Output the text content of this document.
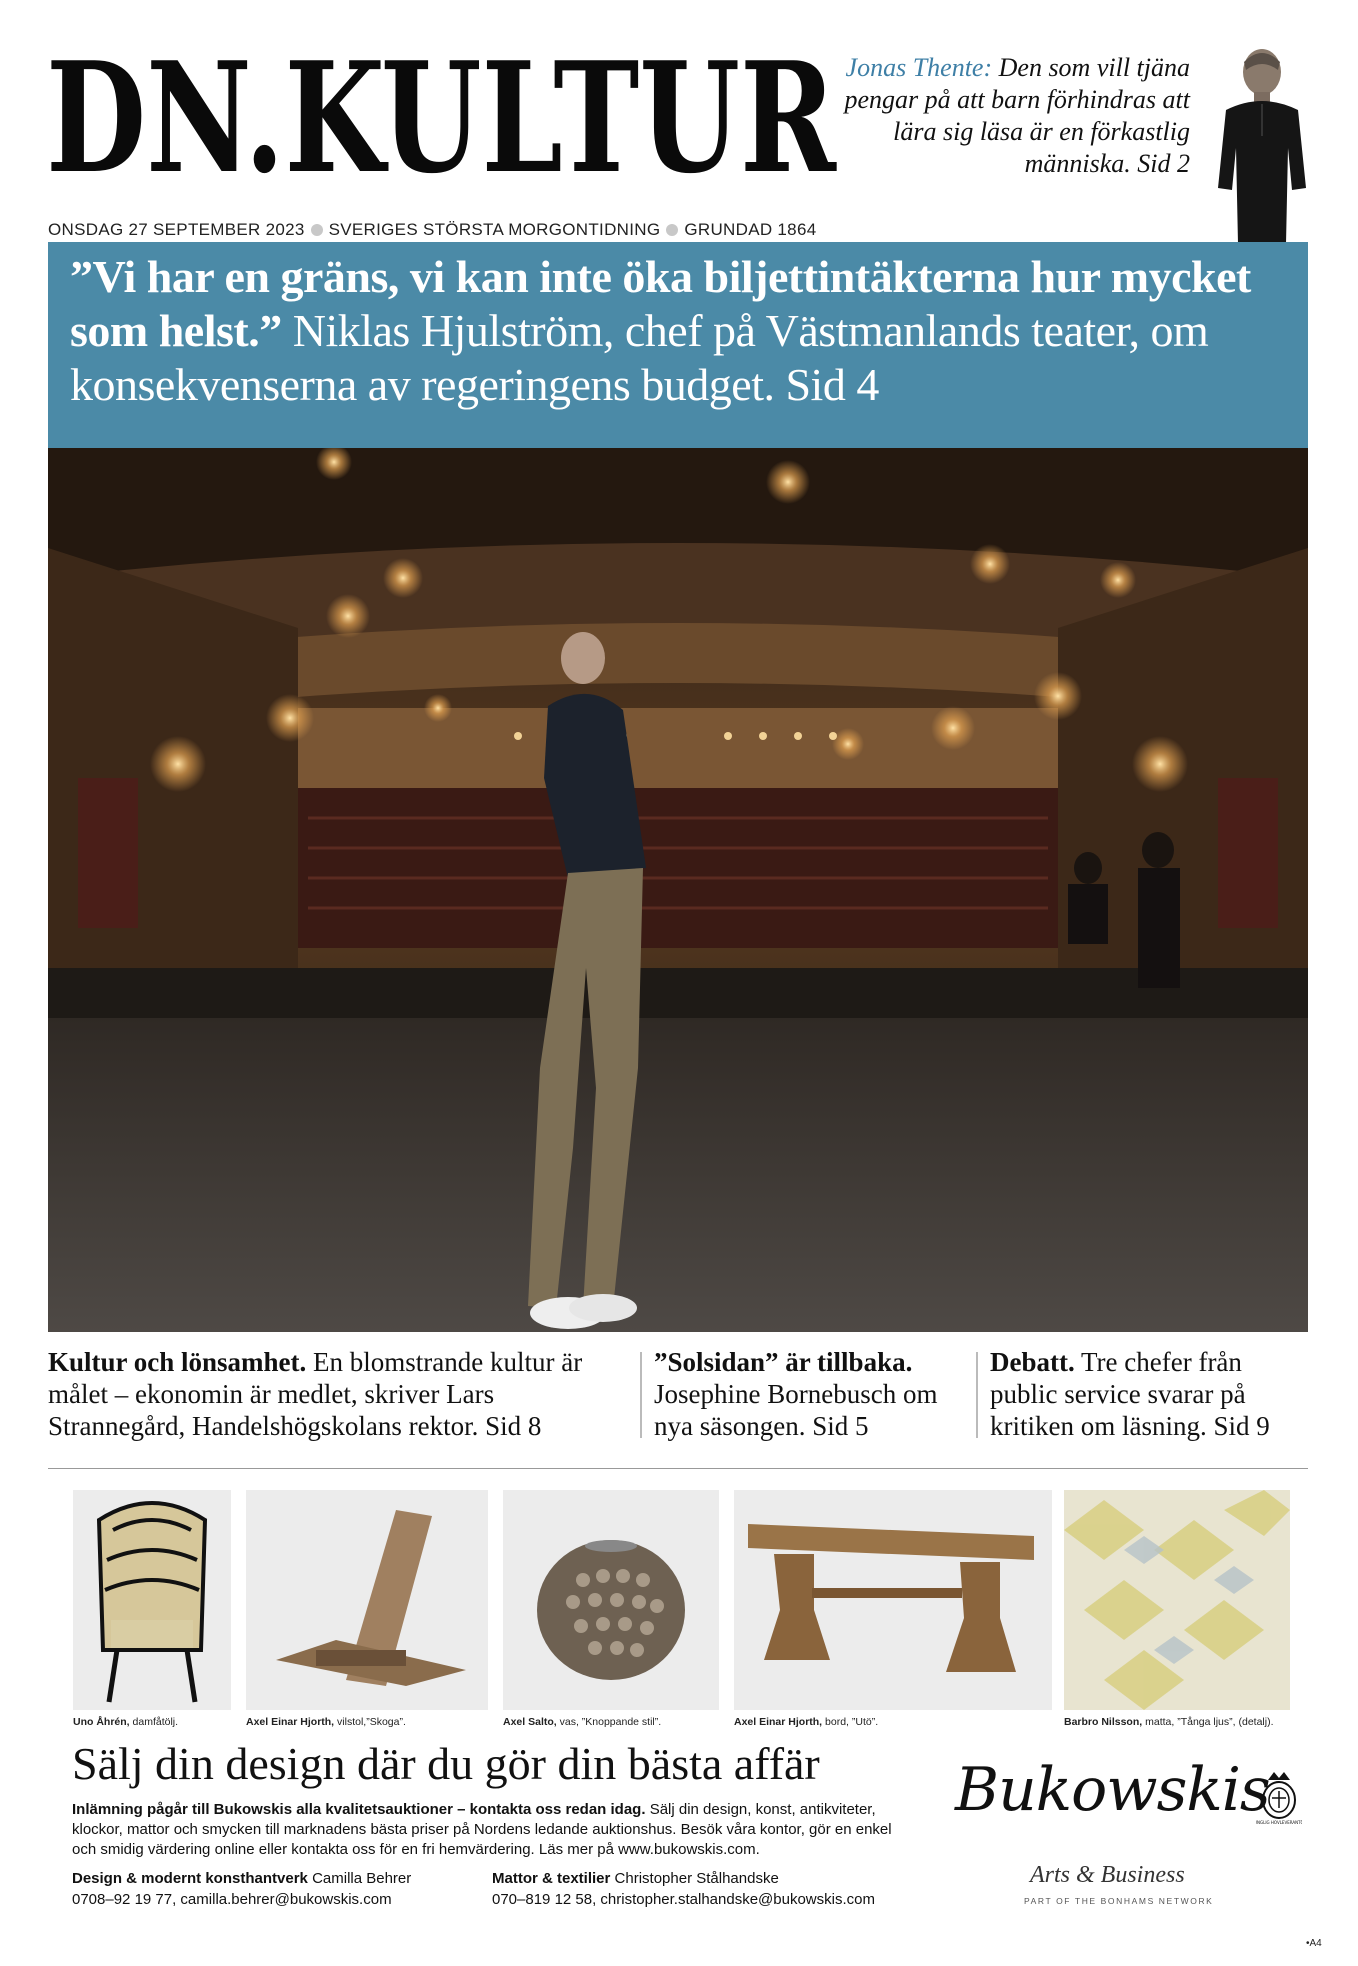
DN.KULTUR
ONSDAG 27 SEPTEMBER 2023 SVERIGES STÖRSTA MORGONTIDNING GRUNDAD 1864
Jonas Thente: Den som vill tjäna pengar på att barn förhindras att lära sig läsa är en förkastlig människa. Sid 2
”Vi har en gräns, vi kan inte öka biljettintäkterna hur mycket som helst.” Niklas Hjulström, chef på Västmanlands teater, om konsekvenserna av regeringens budget. Sid 4
Kultur och lönsamhet. En blomstrande kultur är målet – ekonomin är medlet, skriver Lars Strannegård, Handelshögskolans rektor. Sid 8
”Solsidan” är tillbaka. Josephine Bornebusch om nya säsongen. Sid 5
Debatt. Tre chefer från public service svarar på kritiken om läsning. Sid 9
Uno Åhrén, damfåtölj.	Axel Einar Hjorth, vilstol,”Skoga”.	Axel Salto, vas, ”Knoppande stil”.	Axel Einar Hjorth, bord, ”Utö”.	Barbro Nilsson, matta, ”Tånga ljus”, (detalj).
Sälj din design där du gör din bästa affär
Inlämning pågår till Bukowskis alla kvalitetsauktioner – kontakta oss redan idag. Sälj din design, konst, antikviteter, klockor, mattor och smycken till marknadens bästa priser på Nordens ledande auktionshus. Besök våra kontor, gör en enkel och smidig värdering online eller kontakta oss för en fri hemvärdering. Läs mer på www.bukowskis.com.
Design & modernt konsthantverk Camilla Behrer
0708–92 19 77, camilla.behrer@bukowskis.com
Mattor & textilier Christopher Stålhandske
070–819 12 58, christopher.stalhandske@bukowskis.com
Bukowskis
NGLIG HOVLEVERANT
Arts & Business
PART OF THE BONHAMS NETWORK
•A4
